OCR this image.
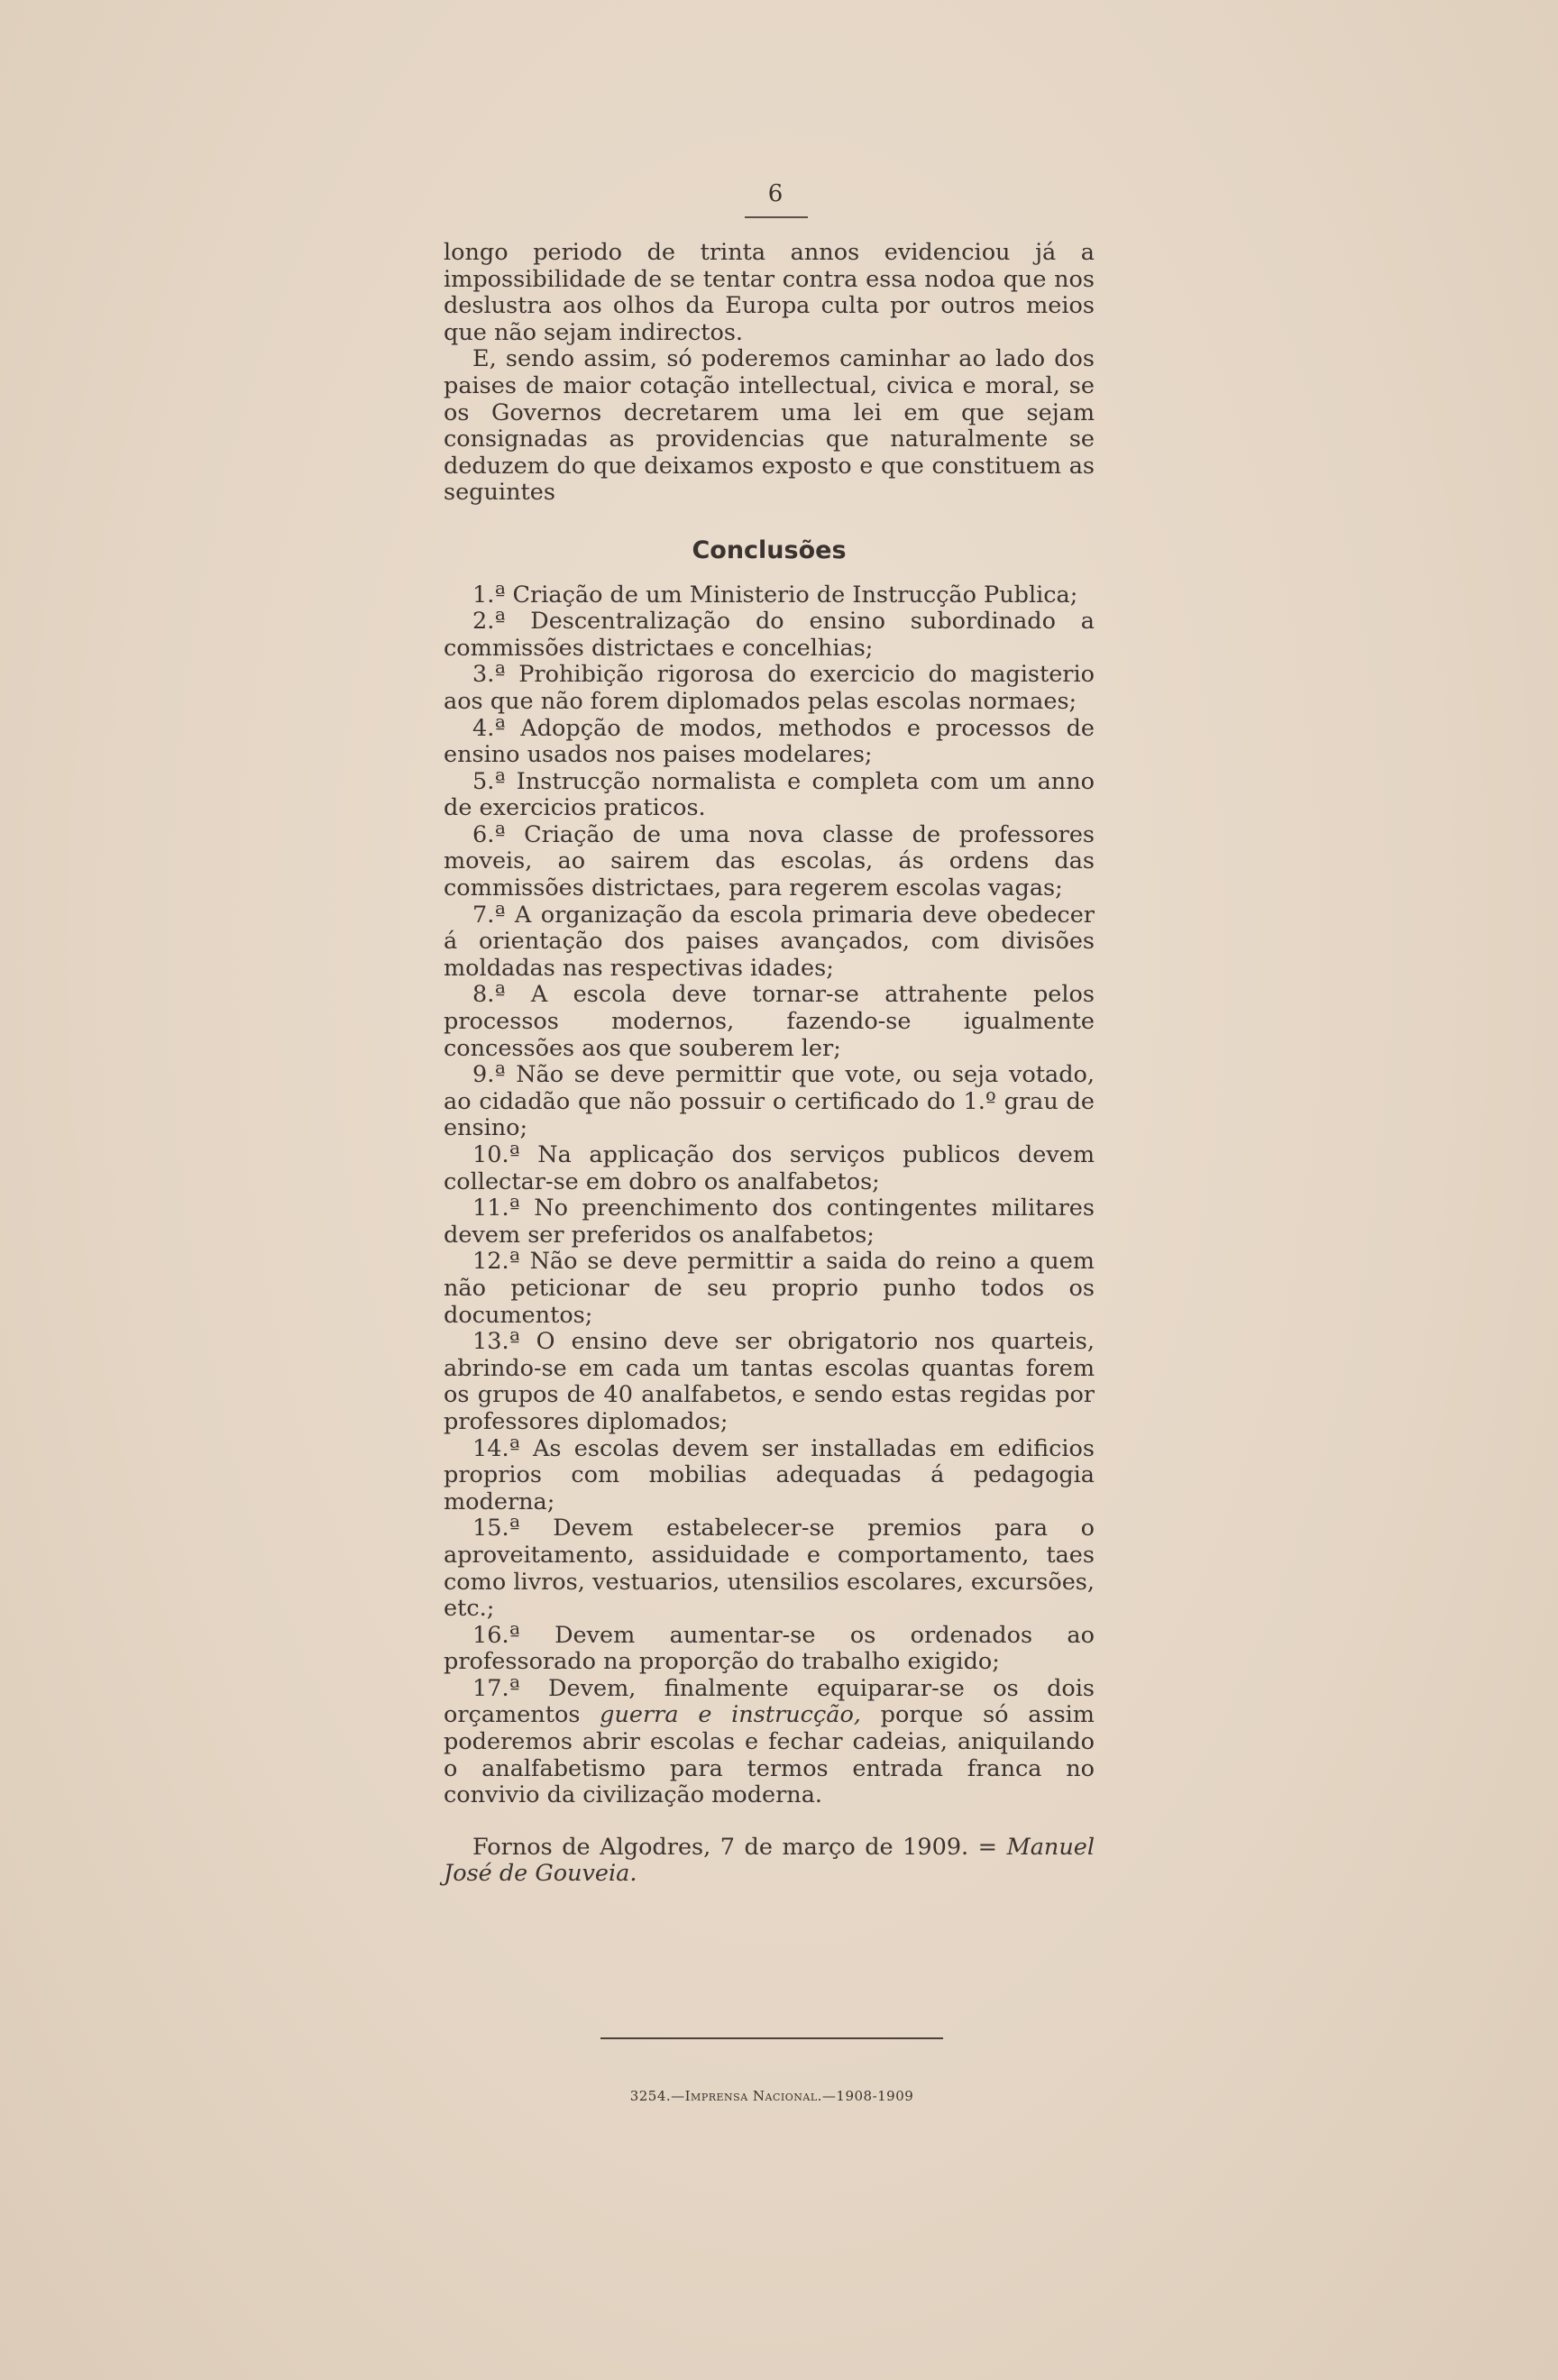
6

longo periodo de trinta annos evidenciou já a impossibilidade de se tentar contra essa nodoa que nos deslustra aos olhos da Europa culta por outros meios que não sejam indirectos.

E, sendo assim, só poderemos caminhar ao lado dos paises de maior cotação intellectual, civica e moral, se os Governos decretarem uma lei em que sejam consignadas as providencias que naturalmente se deduzem do que deixamos exposto e que constituem as seguintes

Conclusões

1.ª Criação de um Ministerio de Instrucção Publica;

2.ª Descentralização do ensino subordinado a commissões districtaes e concelhias;

3.ª Prohibição rigorosa do exercicio do magisterio aos que não forem diplomados pelas escolas normaes;

4.ª Adopção de modos, methodos e processos de ensino usados nos paises modelares;

5.ª Instrucção normalista e completa com um anno de exercicios praticos.

6.ª Criação de uma nova classe de professores moveis, ao sairem das escolas, ás ordens das commissões districtaes, para regerem escolas vagas;

7.ª A organização da escola primaria deve obedecer á orientação dos paises avançados, com divisões moldadas nas respectivas idades;

8.ª A escola deve tornar-se attrahente pelos processos modernos, fazendo-se igualmente concessões aos que souberem ler;

9.ª Não se deve permittir que vote, ou seja votado, ao cidadão que não possuir o certificado do 1.º grau de ensino;

10.ª Na applicação dos serviços publicos devem collectar-se em dobro os analfabetos;

11.ª No preenchimento dos contingentes militares devem ser preferidos os analfabetos;

12.ª Não se deve permittir a saida do reino a quem não peticionar de seu proprio punho todos os documentos;

13.ª O ensino deve ser obrigatorio nos quarteis, abrindo-se em cada um tantas escolas quantas forem os grupos de 40 analfabetos, e sendo estas regidas por professores diplomados;

14.ª As escolas devem ser installadas em edificios proprios com mobilias adequadas á pedagogia moderna;

15.ª Devem estabelecer-se premios para o aproveitamento, assiduidade e comportamento, taes como livros, vestuarios, utensilios escolares, excursões, etc.;

16.ª Devem aumentar-se os ordenados ao professorado na proporção do trabalho exigido;

17.ª Devem, finalmente equiparar-se os dois orçamentos guerra e instrucção, porque só assim poderemos abrir escolas e fechar cadeias, aniquilando o analfabetismo para termos entrada franca no convivio da civilização moderna.

Fornos de Algodres, 7 de março de 1909. = Manuel José de Gouveia.

3254.—Imprensa Nacional.—1908-1909
